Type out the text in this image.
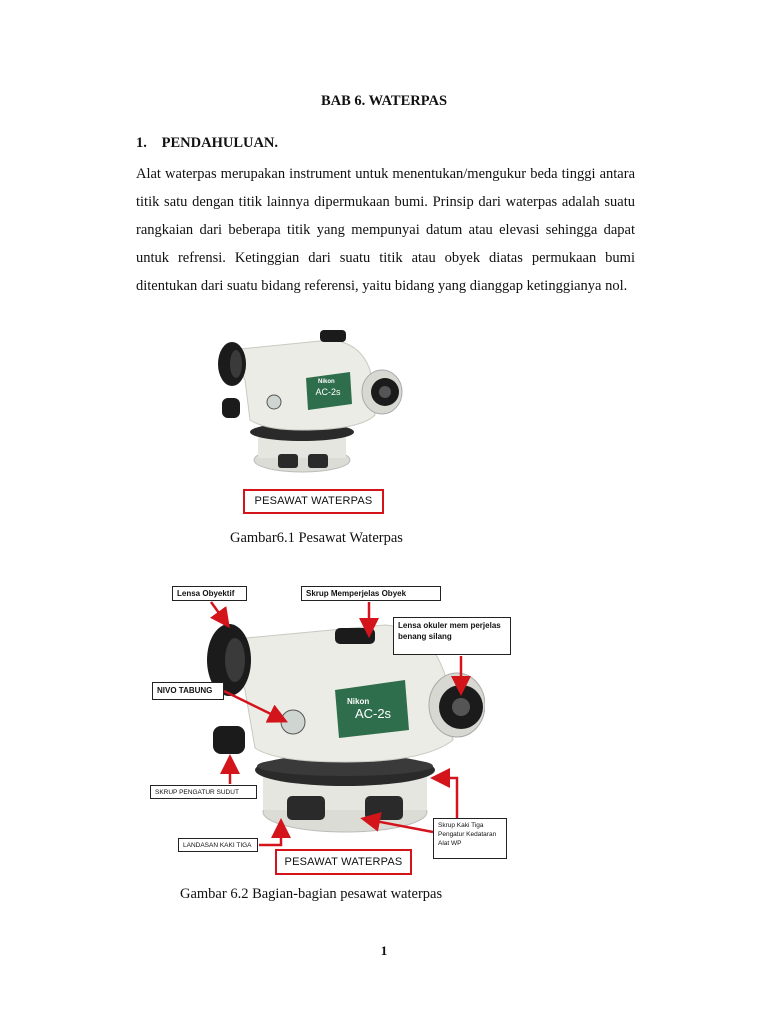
BAB 6. WATERPAS
1. PENDAHULUAN.
Alat waterpas merupakan instrument untuk menentukan/mengukur beda tinggi antara titik satu dengan titik lainnya dipermukaan bumi. Prinsip dari waterpas adalah suatu rangkaian dari beberapa titik yang mempunyai datum atau elevasi sehingga dapat untuk refrensi. Ketinggian dari suatu titik atau obyek diatas permukaan bumi ditentukan dari suatu bidang referensi, yaitu bidang yang dianggap ketinggianya nol.
AC-2s
Nikon
PESAWAT WATERPAS
Gambar6.1 Pesawat Waterpas
AC-2s
Nikon
Lensa Obyektif	Skrup Memperjelas Obyek
Lensa okuler mem perjelas benang silang
NIVO TABUNG
SKRUP PENGATUR SUDUT
LANDASAN KAKI TIGA
Skrup Kaki Tiga Pengatur Kedataran Alat WP
PESAWAT WATERPAS
Gambar 6.2 Bagian-bagian pesawat waterpas
1
